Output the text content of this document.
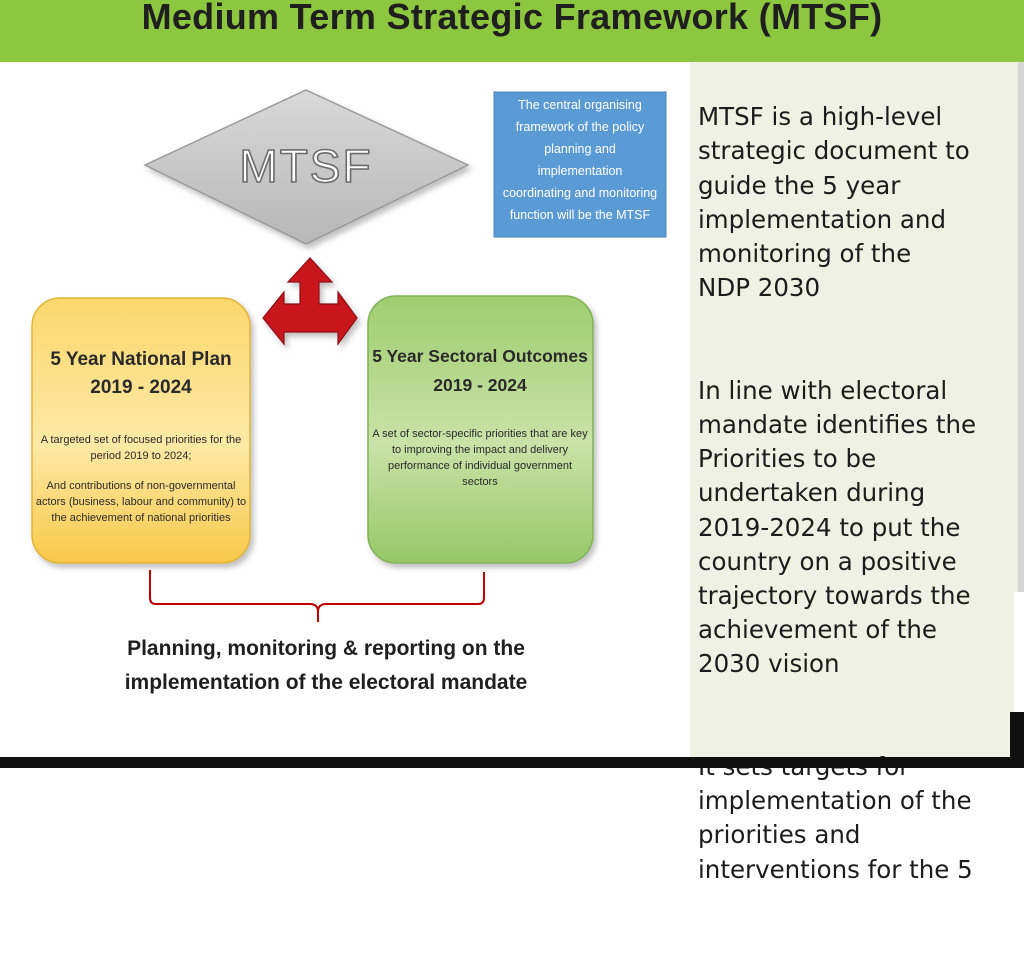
Medium Term Strategic Framework (MTSF)
MTSF
The central organising
framework of the policy
planning and
implementation
coordinating and monitoring
function will be the MTSF
5 Year National Plan
2019 - 2024
A targeted set of focused priorities for the
period 2019 to 2024;
And contributions of non-governmental
actors (business, labour and community) to
the achievement of national priorities
5 Year Sectoral Outcomes
2019 - 2024
A set of sector-specific priorities that are key
to improving the impact and delivery
performance of individual government
sectors
Planning, monitoring & reporting on the
implementation of the electoral mandate

MTSF is a high-level
strategic document to
guide the 5 year
implementation and
monitoring of the
NDP 2030

In line with electoral
mandate identifies the
Priorities to be
undertaken during
2019-2024 to put the
country on a positive
trajectory towards the
achievement of the
2030 vision

implementation of the
priorities and
interventions for the 5
